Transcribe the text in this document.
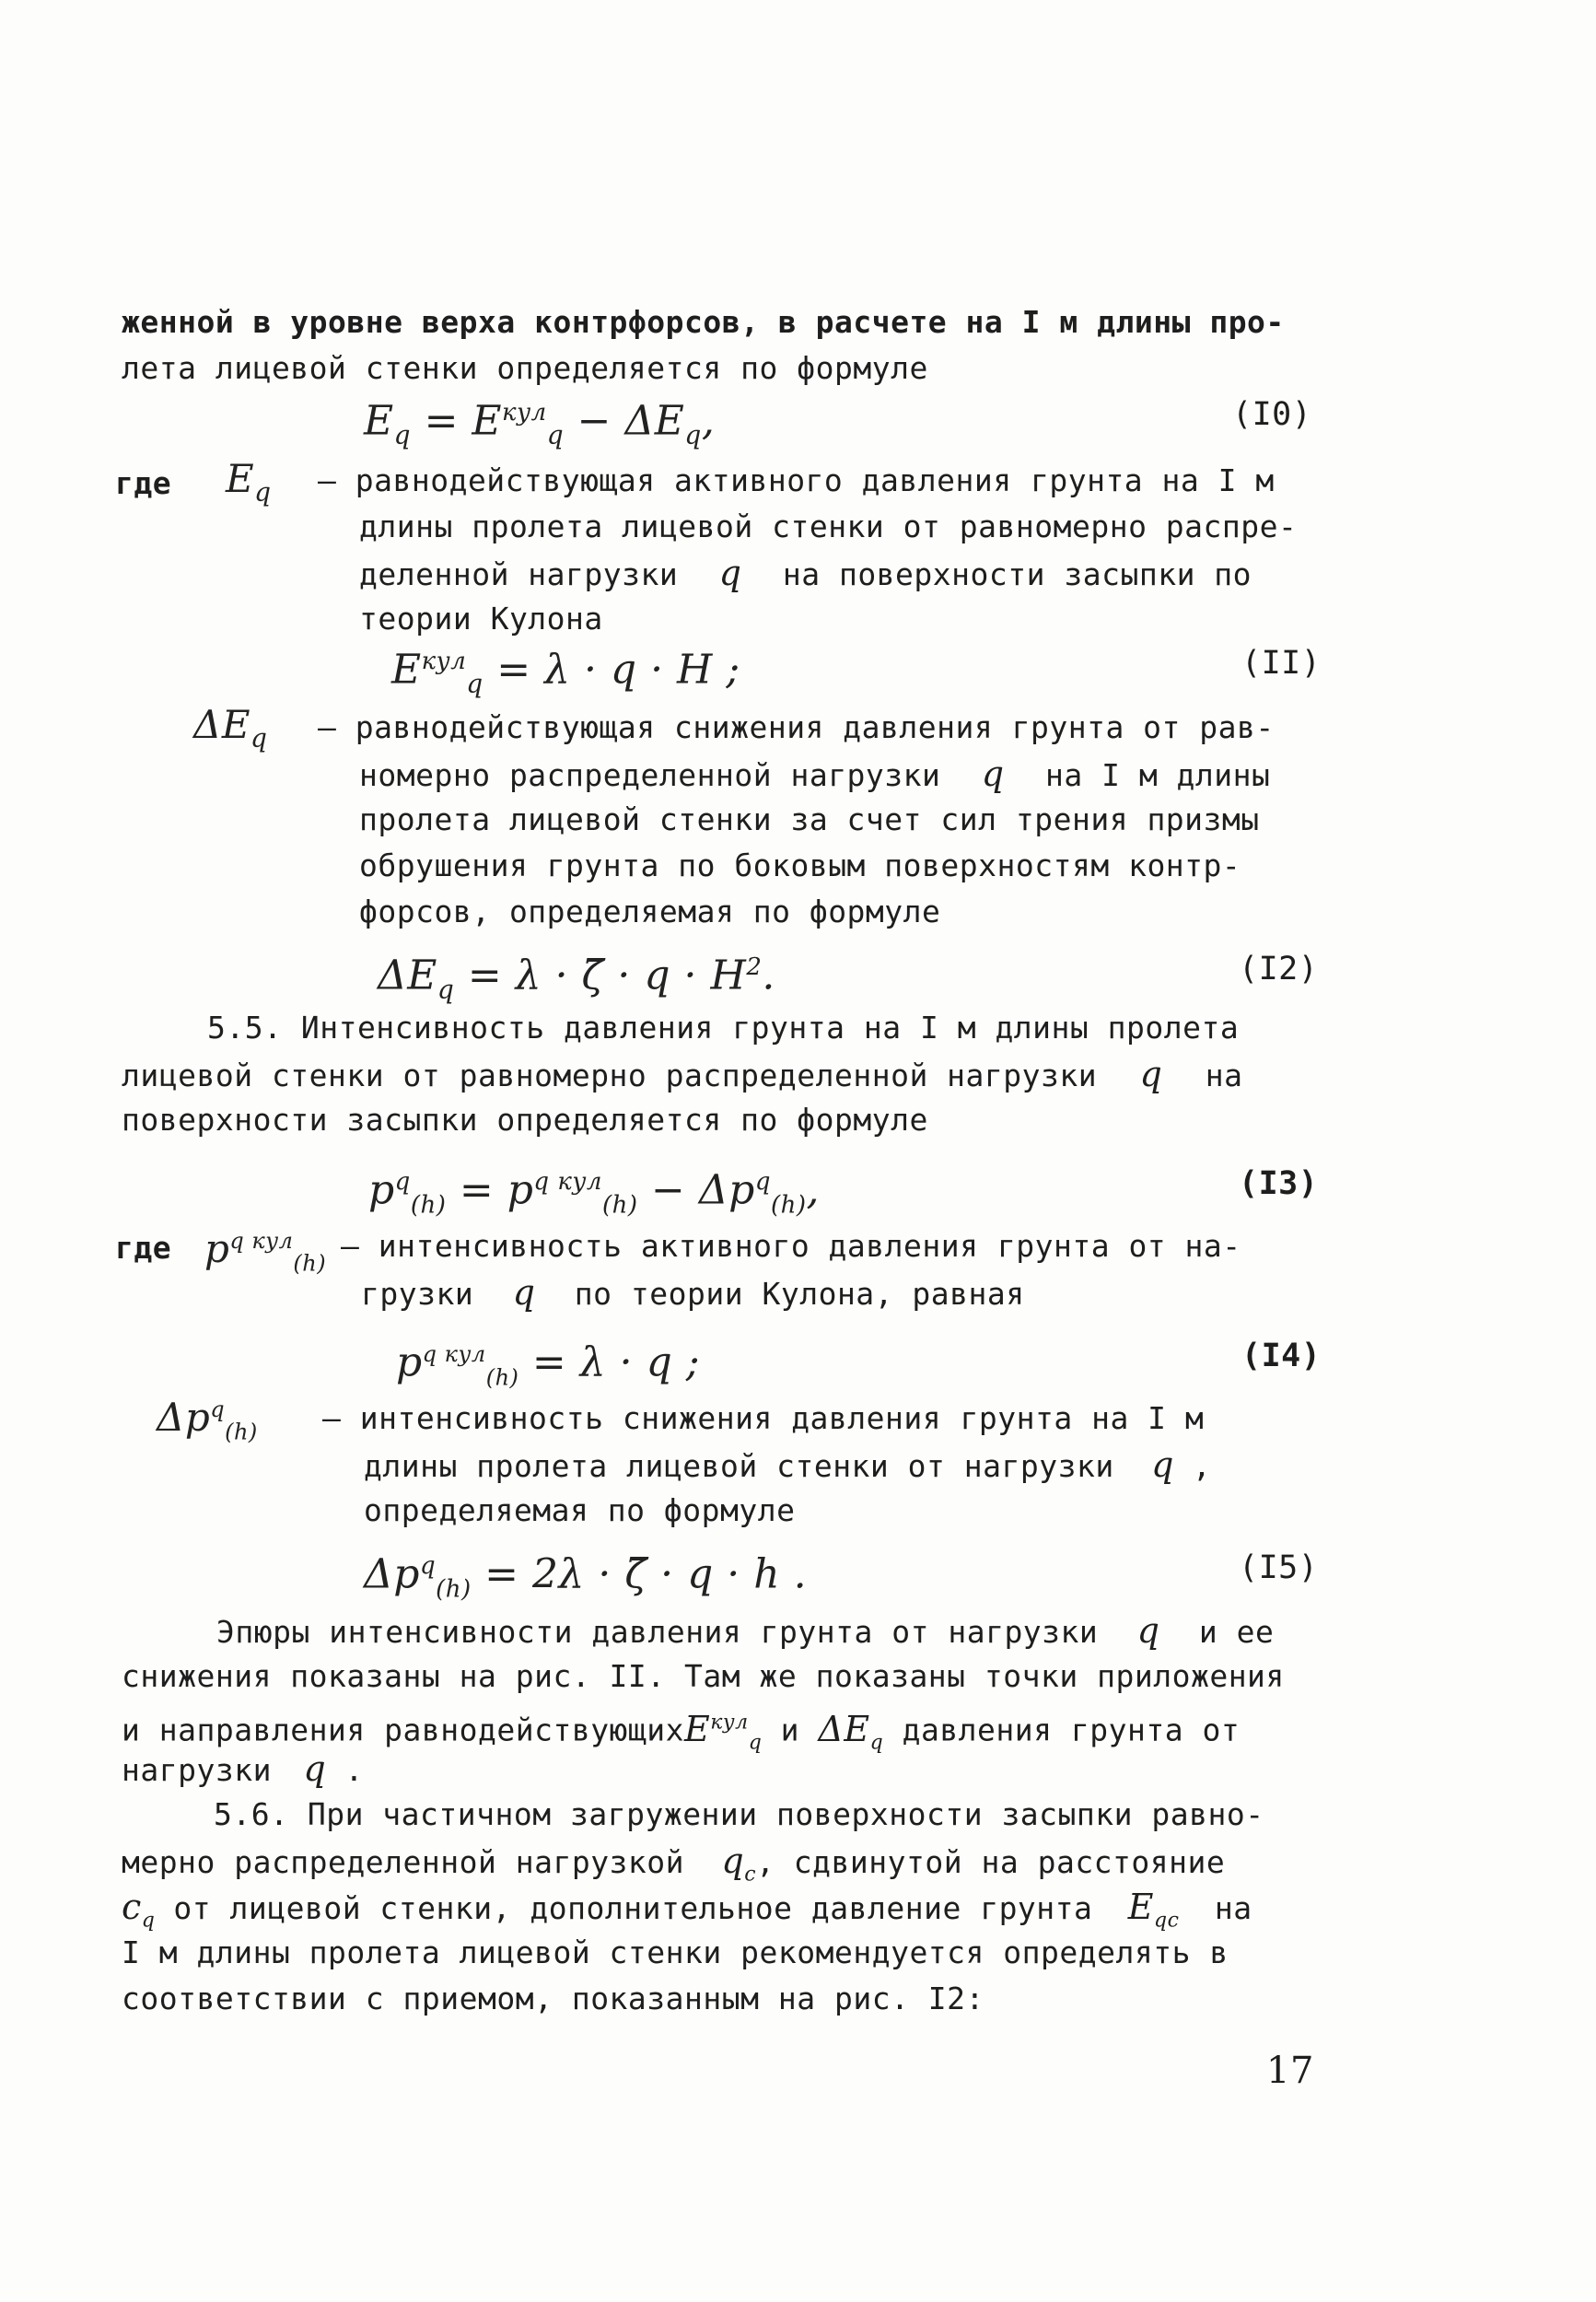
женной в уровне верха контрфорсов, в расчете на I м длины про-
лета лицевой стенки определяется по формуле
$E_q = E^{кул}_q - \Delta E_q$,	(I0)
где $E_q$ – равнодействующая активного давления грунта на I м
длины пролета лицевой стенки от равномерно распре-
деленной нагрузки q на поверхности засыпки по
теории Кулона
$E^{кул}_q = \lambda \cdot q \cdot H$ ;	(II)
$\Delta E_q$ – равнодействующая снижения давления грунта от рав-
номерно распределенной нагрузки q на I м длины
пролета лицевой стенки за счет сил трения призмы
обрушения грунта по боковым поверхностям контр-
форсов, определяемая по формуле
$\Delta E_q = \lambda$ · ζ̄ · $q \cdot H^2$.	(I2)
5.5. Интенсивность давления грунта на I м длины пролета
лицевой стенки от равномерно распределенной нагрузки q на
поверхности засыпки определяется по формуле
$p^q_{(h)} = p^{q кул}_{(h)} - \Delta p^q_{(h)}$,	(I3)
где $p^{q кул}_{(h)}$ – интенсивность активного давления грунта от на-
грузки q по теории Кулона, равная
$p^{q кул}_{(h)} = \lambda \cdot q$ ;	(I4)
$\Delta p^q_{(h)}$ – интенсивность снижения давления грунта на I м
длины пролета лицевой стенки от нагрузки q ,
определяемая по формуле
$\Delta p^q_{(h)} = 2\lambda$ · ζ̄ · q · h .	(I5)
Эпюры интенсивности давления грунта от нагрузки q и ее
снижения показаны на рис. II. Там же показаны точки приложения
и направления равнодействующихE$^{кул}_q$ и $\Delta E_q$ давления грунта от
нагрузки q .
5.6. При частичном загружении поверхности засыпки равно-
мерно распределенной нагрузкой $q_c$, сдвинутой на расстояние
$c_q$ от лицевой стенки, дополнительное давление грунта $E_{qc}$ на
I м длины пролета лицевой стенки рекомендуется определять в
соответствии с приемом, показанным на рис. I2:
17
